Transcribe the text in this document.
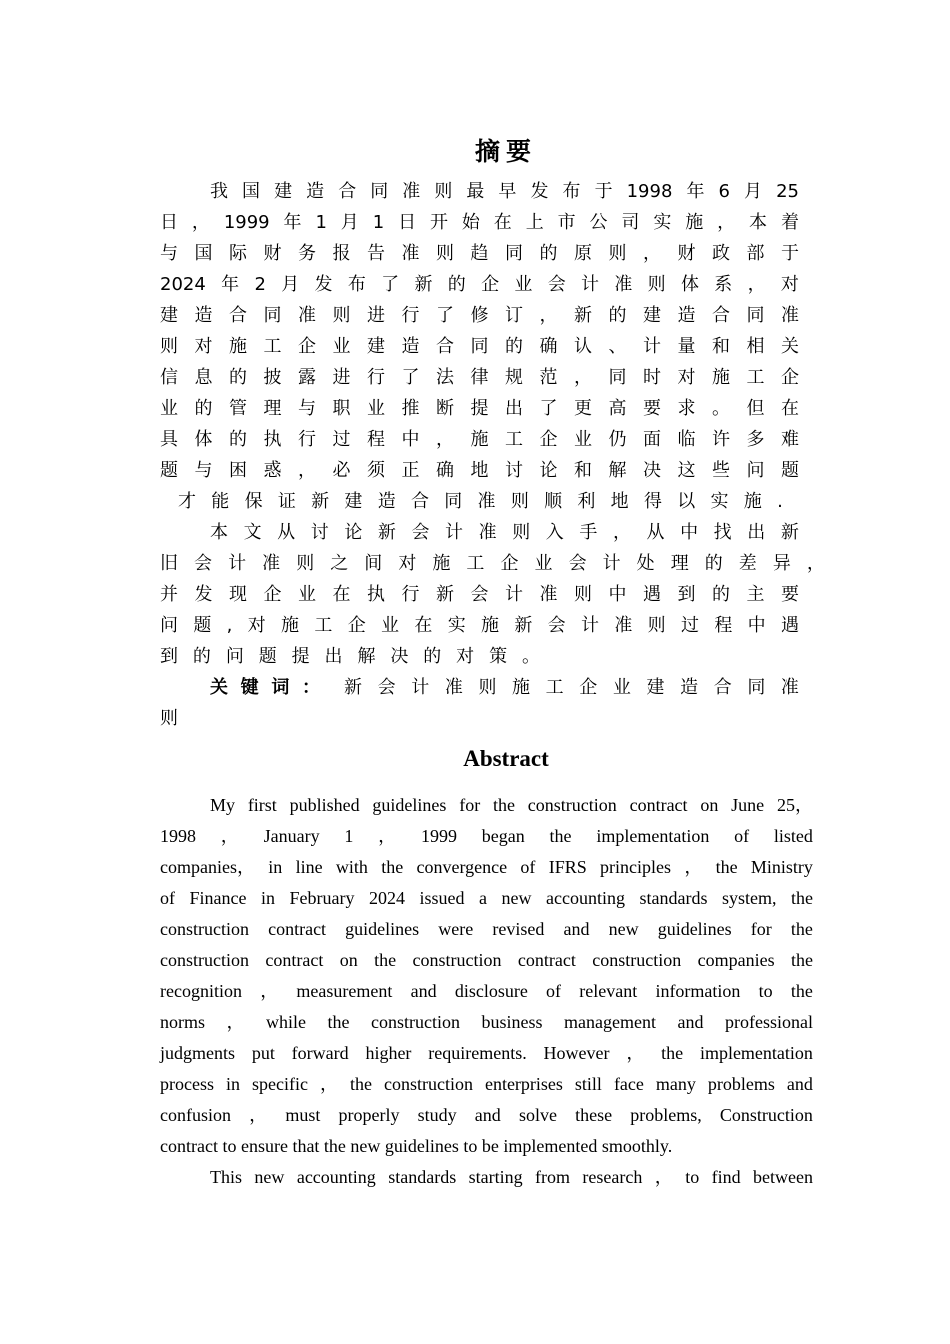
摘要
我 国 建 造 合 同 准 则 最 早 发 布 于 1998 年 6 月 25
日 ， 1999 年 1 月 1 日 开 始 在 上 市 公 司 实 施 ， 本 着
与 国 际 财 务 报 告 准 则 趋 同 的 原 则 ， 财 政 部 于
2024 年 2 月 发 布 了 新 的 企 业 会 计 准 则 体 系 ， 对
建 造 合 同 准 则 进 行 了 修 订 ， 新 的 建 造 合 同 准
则 对 施 工 企 业 建 造 合 同 的 确 认 、 计 量 和 相 关
信 息 的 披 露 进 行 了 法 律 规 范 ， 同 时 对 施 工 企
业 的 管 理 与 职 业 推 断 提 出 了 更 高 要 求 。 但 在
具 体 的 执 行 过 程 中 ， 施 工 企 业 仍 面 临 许 多 难
题 与 困 惑 ， 必 须 正 确 地 讨 论 和 解 决 这 些 问 题
才 能 保 证 新 建 造 合 同 准 则 顺 利 地 得 以 实 施 .
本 文 从 讨 论 新 会 计 准 则 入 手 ， 从 中 找 出 新
旧 会 计 准 则 之 间 对 施 工 企 业 会 计 处 理 的 差 异 ，
并 发 现 企 业 在 执 行 新 会 计 准 则 中 遇 到 的 主 要
问 题 , 对 施 工 企 业 在 实 施 新 会 计 准 则 过 程 中 遇
到 的 问 题 提 出 解 决 的 对 策 。
关 键 词 ： 新 会 计 准 则 施 工 企 业 建 造 合 同 准
则
Abstract
My first published guidelines for the construction contract on June 25，
1998 ， January 1 ， 1999 began the implementation of listed
companies， in line with the convergence of IFRS principles ， the Ministry
of Finance in February 2024 issued a new accounting standards system, the
construction contract guidelines were revised and new guidelines for the
construction contract on the construction contract construction companies the
recognition ， measurement and disclosure of relevant information to the
norms ， while the construction business management and professional
judgments put forward higher requirements. However ， the implementation
process in specific ， the construction enterprises still face many problems and
confusion ， must properly study and solve these problems, Construction
contract to ensure that the new guidelines to be implemented smoothly.
This new accounting standards starting from research ， to find between
